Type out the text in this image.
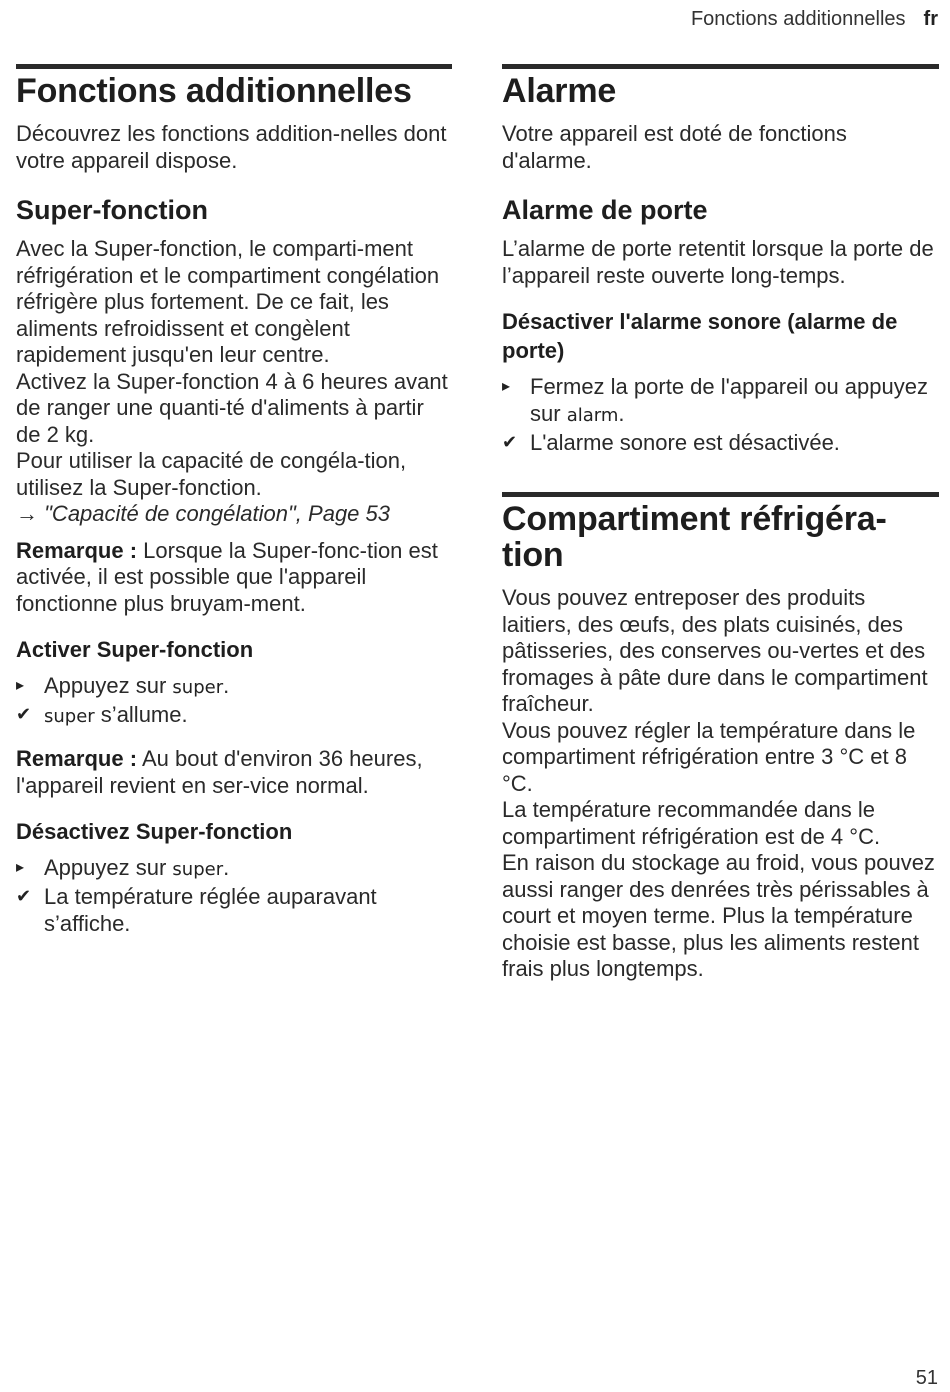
Fonctions additionnelles fr
Fonctions additionnelles

Découvrez les fonctions addition-nelles dont votre appareil dispose.

Super-fonction

Avec la Super-fonction, le comparti-ment réfrigération et le compartiment congélation réfrigère plus fortement. De ce fait, les aliments refroidissent et congèlent rapidement jusqu'en leur centre.

Activez la Super-fonction 4 à 6 heures avant de ranger une quanti-té d'aliments à partir de 2 kg.

Pour utiliser la capacité de congéla-tion, utilisez la Super-fonction.

→ "Capacité de congélation", Page 53

Remarque : Lorsque la Super-fonc-tion est activée, il est possible que l'appareil fonctionne plus bruyam-ment.

Activer Super-fonction
▸ Appuyez sur super.
✔ super s’allume.

Remarque : Au bout d'environ 36 heures, l'appareil revient en ser-vice normal.

Désactivez Super-fonction
▸ Appuyez sur super.
✔ La température réglée auparavant s’affiche.
Alarme

Votre appareil est doté de fonctions d'alarme.

Alarme de porte

L’alarme de porte retentit lorsque la porte de l’appareil reste ouverte long-temps.

Désactiver l'alarme sonore (alarme de porte)
▸ Fermez la porte de l'appareil ou appuyez sur alarm.
✔ L'alarme sonore est désactivée.
Compartiment réfrigéra-tion

Vous pouvez entreposer des produits laitiers, des œufs, des plats cuisinés, des pâtisseries, des conserves ou-vertes et des fromages à pâte dure dans le compartiment fraîcheur.

Vous pouvez régler la température dans le compartiment réfrigération entre 3 °C et 8 °C.

La température recommandée dans le compartiment réfrigération est de 4 °C.

En raison du stockage au froid, vous pouvez aussi ranger des denrées très périssables à court et moyen terme. Plus la température choisie est basse, plus les aliments restent frais plus longtemps.

51
